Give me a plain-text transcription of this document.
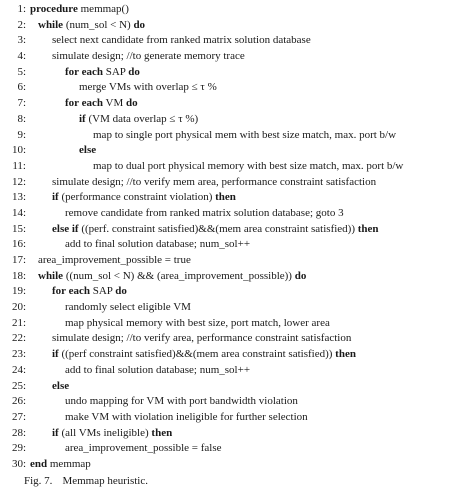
1: procedure memmap()
2: while (num_sol < N) do
3: select next candidate from ranked matrix solution database
4: simulate design; //to generate memory trace
5:	for each SAP do
6:	merge VMs with overlap ≤ τ %
7:	for each VM do
8:	if (VM data overlap ≤ τ %)
9:	map to single port physical mem with best size match, max. port b/w
10:	else
11:	map to dual port physical memory with best size match, max. port b/w
12: simulate design; //to verify mem area, performance constraint satisfaction
13: if (performance constraint violation) then
14:	remove candidate from ranked matrix solution database; goto 3
15: else if ((perf. constraint satisfied)&&(mem area constraint satisfied)) then
16:	add to final solution database; num_sol++
17: area_improvement_possible = true
18: while ((num_sol < N) && (area_improvement_possible)) do
19: for each SAP do
20:	randomly select eligible VM
21:	map physical memory with best size, port match, lower area
22: simulate design; //to verify area, performance constraint satisfaction
23: if ((perf constraint satisfied)&&(mem area constraint satisfied)) then
24:	add to final solution database; num_sol++
25: else
26:	undo mapping for VM with port bandwidth violation
27:	make VM with violation ineligible for further selection
28: if (all VMs ineligible) then
29:	area_improvement_possible = false
30: end memmap
Fig. 7. Memmap heuristic.
